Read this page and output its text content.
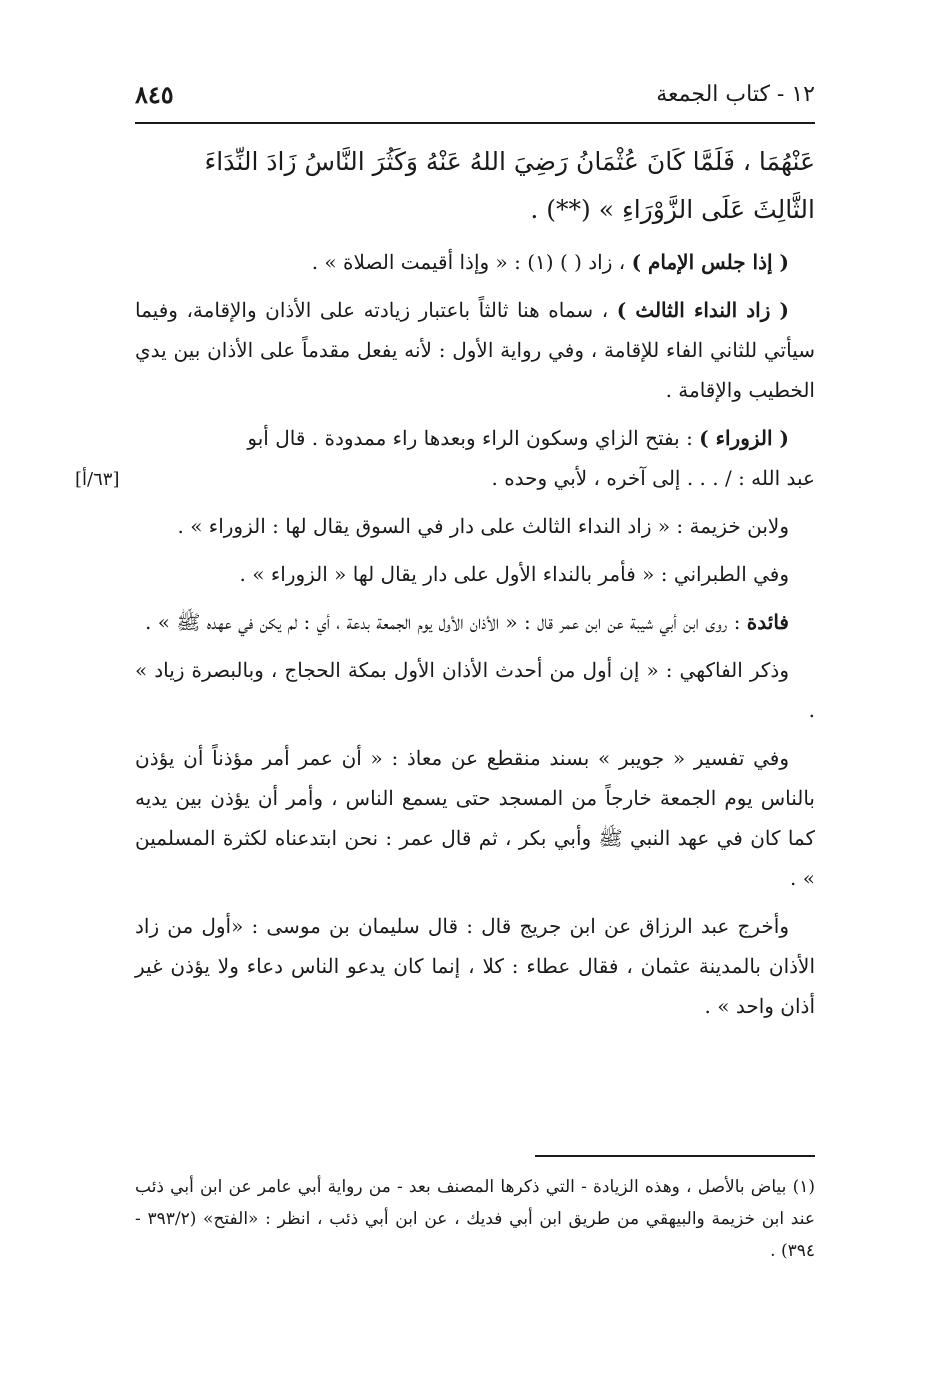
١٢ - كتاب الجمعة
٨٤٥

عَنْهُمَا ، فَلَمَّا كَانَ عُثْمَانُ رَضِيَ اللهُ عَنْهُ وَكَثُرَ النَّاسُ زَادَ النِّدَاءَ
الثَّالِثَ عَلَى الزَّوْرَاءِ » (**) .

( إذا جلس الإمام ) ، زاد ( ) (١) : « وإذا أقيمت الصلاة » .

( زاد النداء الثالث ) ، سماه هنا ثالثاً باعتبار زيادته على الأذان والإقامة، وفيما سيأتي للثاني الفاء للإقامة ، وفي رواية الأول : لأنه يفعل مقدماً على الأذان بين يدي الخطيب والإقامة .

( الزوراء ) : بفتح الزاي وسكون الراء وبعدها راء ممدودة . قال أبو
عبد الله : / . . . إلى آخره ، لأبي وحده .
[٦٣/أ]

ولابن خزيمة : « زاد النداء الثالث على دار في السوق يقال لها : الزوراء » .

وفي الطبراني : « فأمر بالنداء الأول على دار يقال لها « الزوراء » .

فائدة : روى ابن أبي شيبة عن ابن عمر قال : « الأذان الأول يوم الجمعة بدعة ، أي : لم يكن في عهده ﷺ » .

وذكر الفاكهي : « إن أول من أحدث الأذان الأول بمكة الحجاج ، وبالبصرة زياد » .

وفي تفسير « جويبر » بسند منقطع عن معاذ : « أن عمر أمر مؤذناً أن يؤذن بالناس يوم الجمعة خارجاً من المسجد حتى يسمع الناس ، وأمر أن يؤذن بين يديه كما كان في عهد النبي ﷺ وأبي بكر ، ثم قال عمر : نحن ابتدعناه لكثرة المسلمين » .

وأخرج عبد الرزاق عن ابن جريج قال : قال سليمان بن موسى : «أول من زاد الأذان بالمدينة عثمان ، فقال عطاء : كلا ، إنما كان يدعو الناس دعاء ولا يؤذن غير أذان واحد » .

(١) بياض بالأصل ، وهذه الزيادة - التي ذكرها المصنف بعد - من رواية أبي عامر عن ابن أبي ذئب عند ابن خزيمة والبيهقي من طريق ابن أبي فديك ، عن ابن أبي ذئب ، انظر : «الفتح» (٣٩٣/٢ - ٣٩٤) .
